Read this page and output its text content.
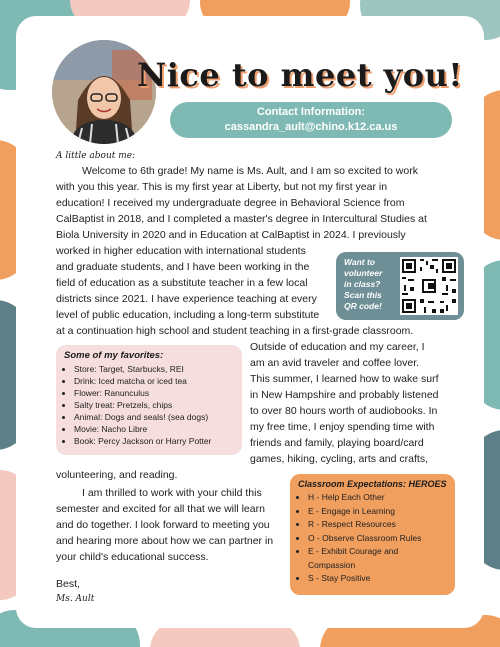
Nice to meet you!
Contact Information:
cassandra_ault@chino.k12.ca.us
A little about me:
Welcome to 6th grade! My name is Ms. Ault, and I am so excited to work
with you this year. This is my first year at Liberty, but not my first year in
education! I received my undergraduate degree in Behavioral Science from
CalBaptist in 2018, and I completed a master's degree in Intercultural Studies at
Biola University in 2020 and in Education at CalBaptist in 2024. I previously
worked in higher education with international students
and graduate students, and I have been working in the
field of education as a substitute teacher in a few local
districts since 2021. I have experience teaching at every
level of public education, including a long-term substitute
at a continuation high school and student teaching in a first-grade classroom.
Want to
volunteer
in class?
Scan this
QR code!
Some of my favorites:
• Store: Target, Starbucks, REI
• Drink: Iced matcha or iced tea
• Flower: Ranunculus
• Salty treat: Pretzels, chips
• Animal: Dogs and seals! (sea dogs)
• Movie: Nacho Libre
• Book: Percy Jackson or Harry Potter
Outside of education and my career, I
am an avid traveler and coffee lover.
This summer, I learned how to wake surf
in New Hampshire and probably listened
to over 80 hours worth of audiobooks. In
my free time, I enjoy spending time with
friends and family, playing board/card
games, hiking, cycling, arts and crafts,
volunteering, and reading.
I am thrilled to work with your child this
semester and excited for all that we will learn
and do together. I look forward to meeting you
and hearing more about how we can partner in
your child's educational success.
Classroom Expectations: HEROES
• H - Help Each Other
• E - Engage in Learning
• R - Respect Resources
• O - Observe Classroom Rules
• E - Exhibit Courage and Compassion
• S - Stay Positive
Best,
Ms. Ault
